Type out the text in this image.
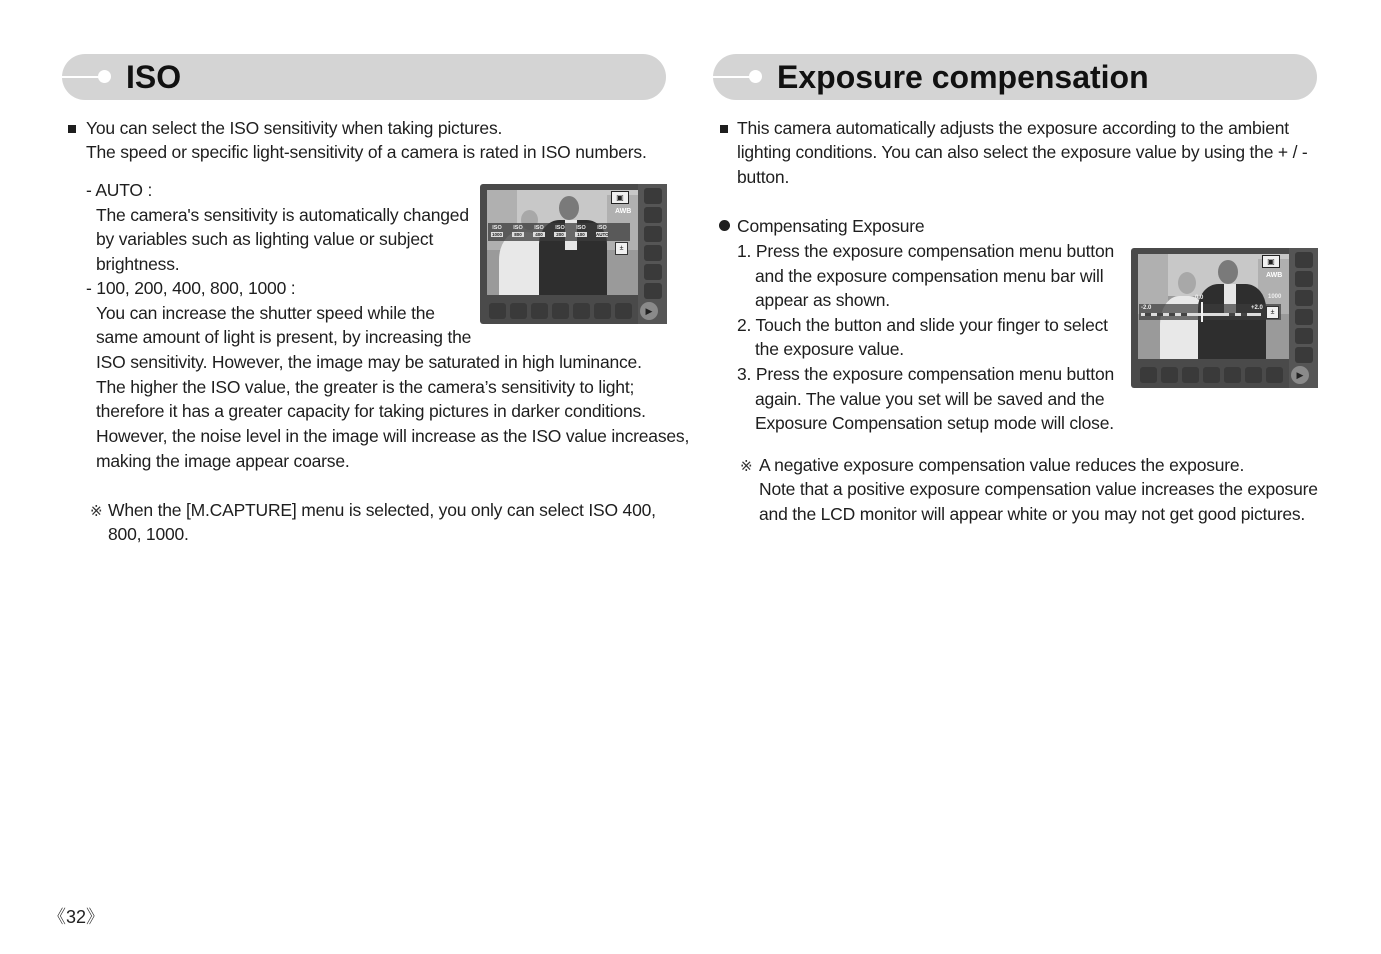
ISO
You can select the ISO sensitivity when taking pictures.
The speed or specific light-sensitivity of a camera is rated in ISO numbers.
- AUTO :
The camera's sensitivity is automatically changed
by variables such as lighting value or subject
brightness.
- 100, 200, 400, 800, 1000 :
You can increase the shutter speed while the
same amount of light is present, by increasing the
ISO sensitivity. However, the image may be saturated in high luminance.
The higher the ISO value, the greater is the camera’s sensitivity to light;
therefore it has a greater capacity for taking pictures in darker conditions.
However, the noise level in the image will increase as the ISO value increases,
making the image appear coarse.
※ When the [M.CAPTURE] menu is selected, you only can select ISO 400,
800, 1000.
▣
AWB
ISO
1000
ISO
800
ISO
400
ISO
200
ISO
100
ISO
AUTO
±
▶
Exposure compensation
This camera automatically adjusts the exposure according to the ambient
lighting conditions. You can also select the exposure value by using the + / -
button.
Compensating Exposure
1. Press the exposure compensation menu button
and the exposure compensation menu bar will
appear as shown.
2. Touch the button and slide your finger to select
the exposure value.
3. Press the exposure compensation menu button
again. The value you set will be saved and the
Exposure Compensation setup mode will close.
※ A negative exposure compensation value reduces the exposure.
Note that a positive exposure compensation value increases the exposure
and the LCD monitor will appear white or you may not get good pictures.
▣
AWB
1000
0.0
-2.0	+2.0
±
▶
《32》
